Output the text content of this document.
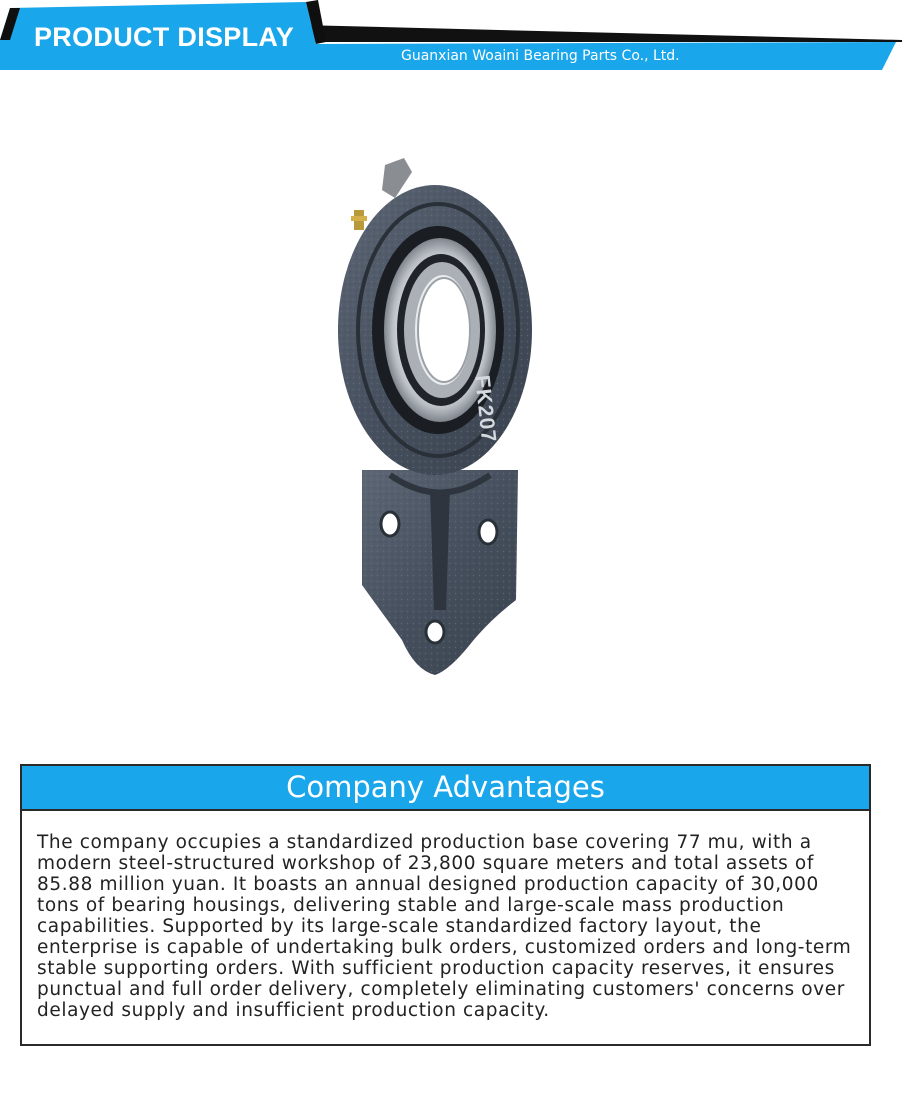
PRODUCT DISPLAY
Guanxian Woaini Bearing Parts Co., Ltd.
FK207
Company Advantages
The company occupies a standardized production base covering 77 mu, with a modern steel-structured workshop of 23,800 square meters and total assets of 85.88 million yuan. It boasts an annual designed production capacity of 30,000 tons of bearing housings, delivering stable and large-scale mass production capabilities. Supported by its large-scale standardized factory layout, the enterprise is capable of undertaking bulk orders, customized orders and long-term stable supporting orders. With sufficient production capacity reserves, it ensures punctual and full order delivery, completely eliminating customers' concerns over delayed supply and insufficient production capacity.
